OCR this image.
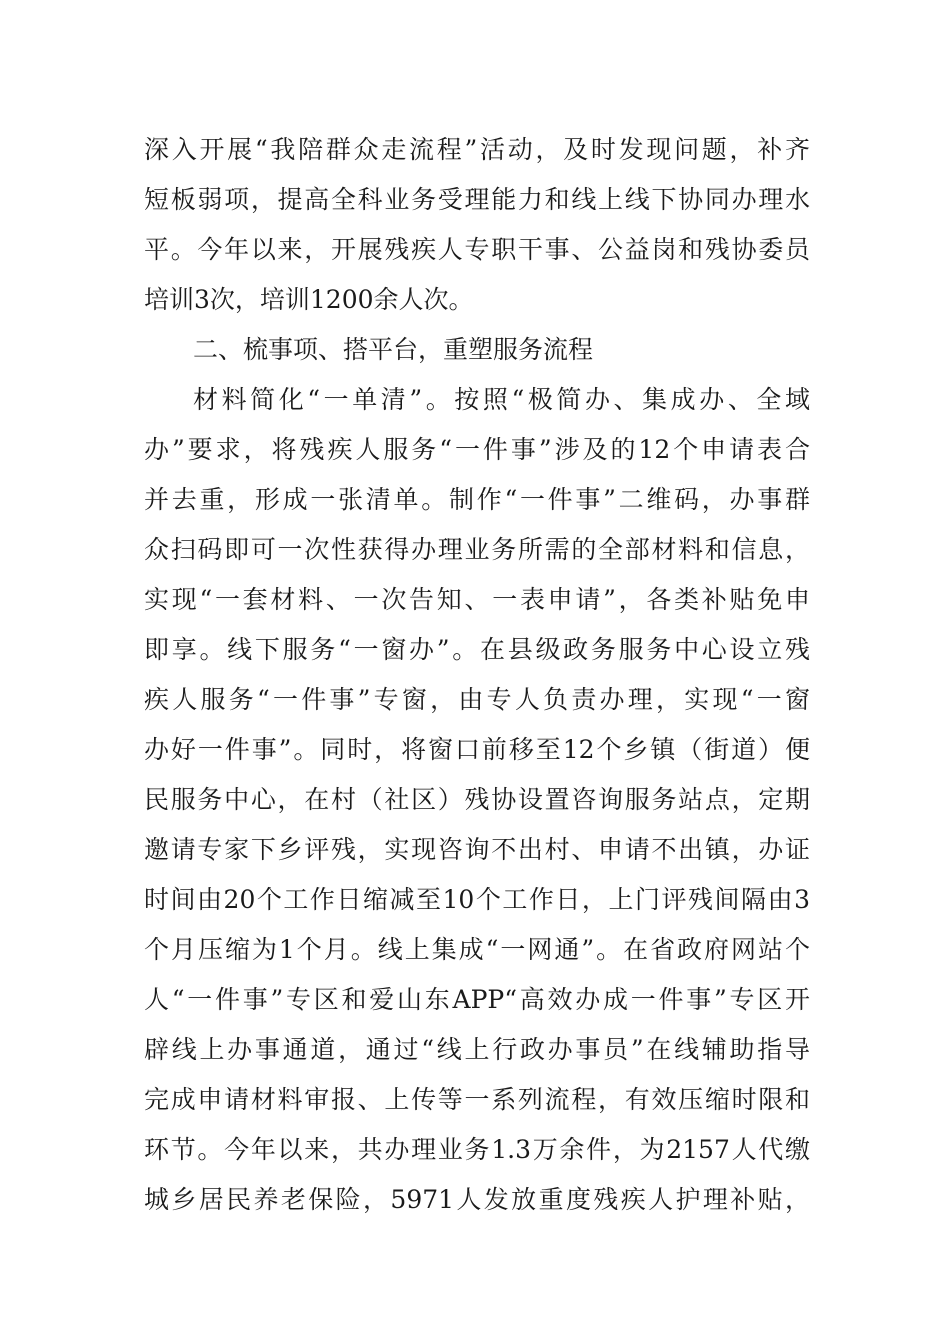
深入开展“我陪群众走流程”活动，及时发现问题，补齐
短板弱项，提高全科业务受理能力和线上线下协同办理水
平。今年以来，开展残疾人专职干事、公益岗和残协委员
培训3次，培训1200余人次。
二、梳事项、搭平台，重塑服务流程
材料简化“一单清”。按照“极简办、集成办、全域
办”要求，将残疾人服务“一件事”涉及的12个申请表合
并去重，形成一张清单。制作“一件事”二维码，办事群
众扫码即可一次性获得办理业务所需的全部材料和信息，
实现“一套材料、一次告知、一表申请”，各类补贴免申
即享。线下服务“一窗办”。在县级政务服务中心设立残
疾人服务“一件事”专窗，由专人负责办理，实现“一窗
办好一件事”。同时，将窗口前移至12个乡镇（街道）便
民服务中心，在村（社区）残协设置咨询服务站点，定期
邀请专家下乡评残，实现咨询不出村、申请不出镇，办证
时间由20个工作日缩减至10个工作日，上门评残间隔由3
个月压缩为1个月。线上集成“一网通”。在省政府网站个
人“一件事”专区和爱山东APP“高效办成一件事”专区开
辟线上办事通道，通过“线上行政办事员”在线辅助指导
完成申请材料审报、上传等一系列流程，有效压缩时限和
环节。今年以来，共办理业务1.3万余件，为2157人代缴
城乡居民养老保险，5971人发放重度残疾人护理补贴，
